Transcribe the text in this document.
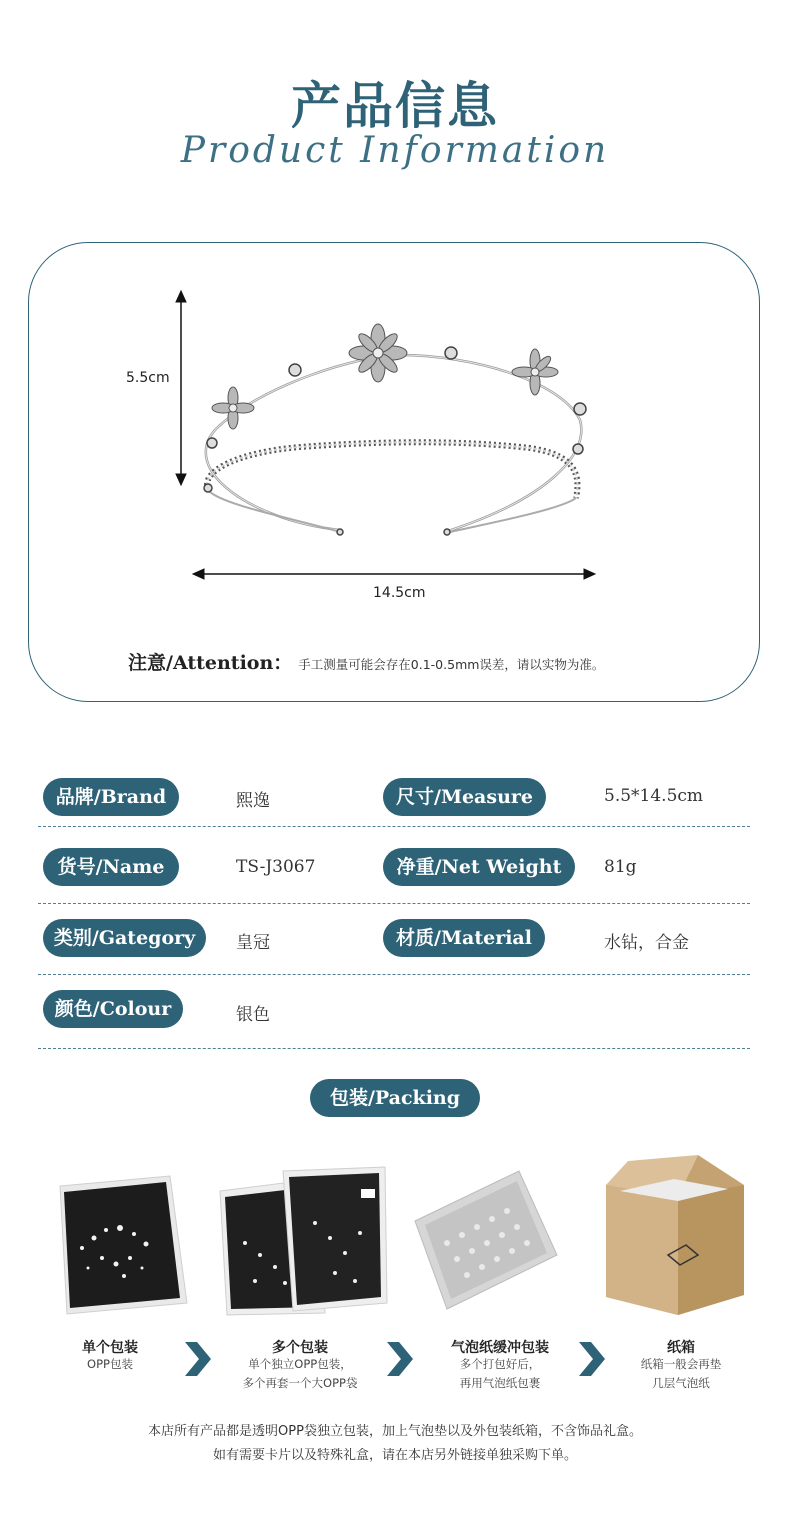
产品信息
Product Information
5.5cm
14.5cm
注意/Attention： 手工测量可能会存在0.1-0.5mm误差，请以实物为准。
品牌/Brand	熙逸	尺寸/Measure	5.5*14.5cm
货号/Name	TS-J3067	净重/Net Weight	81g
类别/Gategory	皇冠	材质/Material	水钻，合金
颜色/Colour	银色
包装/Packing
单个包装
OPP包装
多个包装
单个独立OPP包装，
多个再套一个大OPP袋
气泡纸缓冲包装
多个打包好后，
再用气泡纸包裹
纸箱
纸箱一般会再垫
几层气泡纸
本店所有产品都是透明OPP袋独立包装，加上气泡垫以及外包装纸箱，不含饰品礼盒。
如有需要卡片以及特殊礼盒，请在本店另外链接单独采购下单。
